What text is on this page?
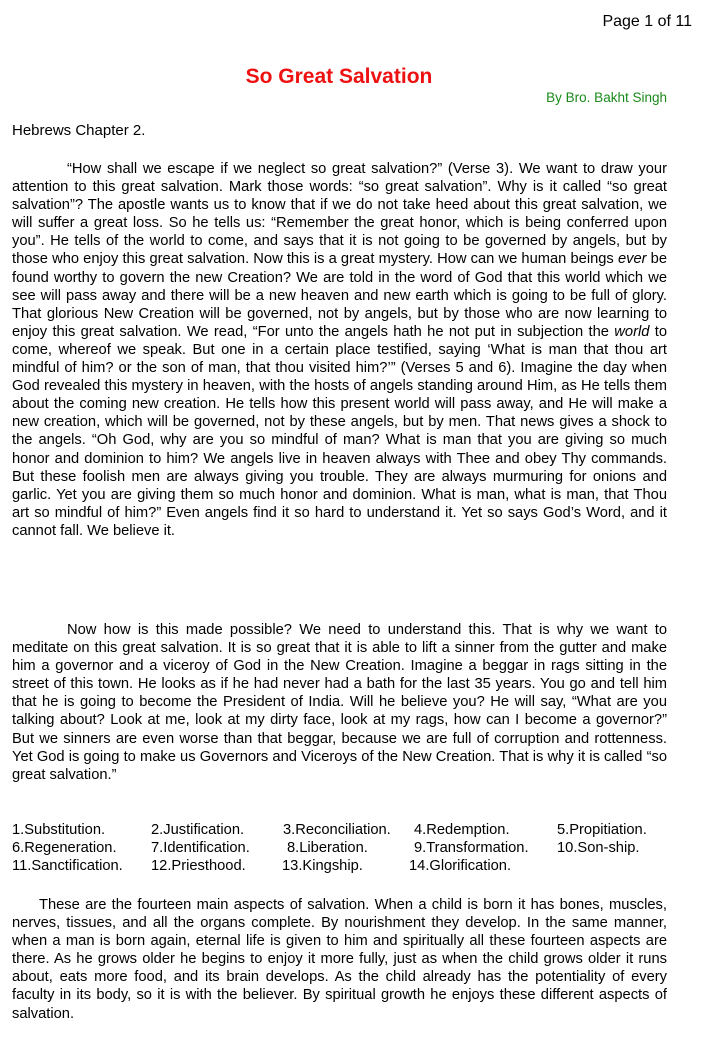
Page 1 of 11
So Great Salvation
By Bro. Bakht Singh
Hebrews Chapter 2.

“How shall we escape if we neglect so great salvation?” (Verse 3). We want to draw your attention to this great salvation. Mark those words: “so great salvation”. Why is it called “so great salvation”? The apostle wants us to know that if we do not take heed about this great salvation, we will suffer a great loss. So he tells us: “Remember the great honor, which is being conferred upon you”. He tells of the world to come, and says that it is not going to be governed by angels, but by those who enjoy this great salvation. Now this is a great mystery. How can we human beings ever be found worthy to govern the new Creation? We are told in the word of God that this world which we see will pass away and there will be a new heaven and new earth which is going to be full of glory. That glorious New Creation will be governed, not by angels, but by those who are now learning to enjoy this great salvation. We read, “For unto the angels hath he not put in subjection the world to come, whereof we speak. But one in a certain place testified, saying ‘What is man that thou art mindful of him? or the son of man, that thou visited him?’” (Verses 5 and 6). Imagine the day when God revealed this mystery in heaven, with the hosts of angels standing around Him, as He tells them about the coming new creation. He tells how this present world will pass away, and He will make a new creation, which will be governed, not by these angels, but by men. That news gives a shock to the angels. “Oh God, why are you so mindful of man? What is man that you are giving so much honor and dominion to him? We angels live in heaven always with Thee and obey Thy commands. But these foolish men are always giving you trouble. They are always murmuring for onions and garlic. Yet you are giving them so much honor and dominion. What is man, what is man, that Thou art so mindful of him?” Even angels find it so hard to understand it. Yet so says God’s Word, and it cannot fall. We believe it.

Now how is this made possible? We need to understand this. That is why we want to meditate on this great salvation. It is so great that it is able to lift a sinner from the gutter and make him a governor and a viceroy of God in the New Creation. Imagine a beggar in rags sitting in the street of this town. He looks as if he had never had a bath for the last 35 years. You go and tell him that he is going to become the President of India. Will he believe you? He will say, “What are you talking about? Look at me, look at my dirty face, look at my rags, how can I become a governor?” But we sinners are even worse than that beggar, because we are full of corruption and rottenness. Yet God is going to make us Governors and Viceroys of the New Creation. That is why it is called “so great salvation.”

1.Substitution.	2.Justification.	3.Reconciliation. 4.Redemption.	5.Propitiation.
6.Regeneration. 7.Identification.	8.Liberation.	9.Transformation. 10.Son-ship.
11.Sanctification. 12.Priesthood. 13.Kingship.	14.Glorification.

These are the fourteen main aspects of salvation. When a child is born it has bones, muscles, nerves, tissues, and all the organs complete. By nourishment they develop. In the same manner, when a man is born again, eternal life is given to him and spiritually all these fourteen aspects are there. As he grows older he begins to enjoy it more fully, just as when the child grows older it runs about, eats more food, and its brain develops. As the child already has the potentiality of every faculty in its body, so it is with the believer. By spiritual growth he enjoys these different aspects of salvation.
